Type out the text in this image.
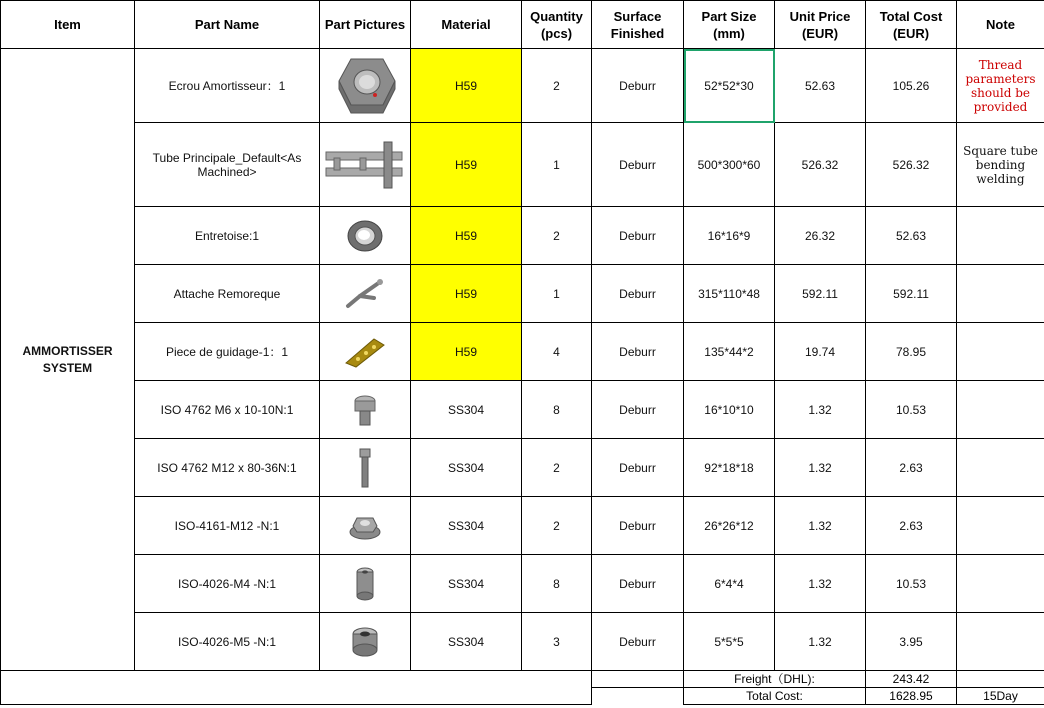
Item	Part Name	Part Pictures	Material	Quantity (pcs)	Surface Finished	Part Size (mm)	Unit Price (EUR)	Total Cost (EUR)	Note
AMMORTISSER SYSTEM	Ecrou Amortisseur：1		H59	2	Deburr	52*52*30	52.63	105.26	Thread parameters should be provided
	Tube Principale_Default<As Machined>		H59	1	Deburr	500*300*60	526.32	526.32	Square tube bending welding
	Entretoise:1		H59	2	Deburr	16*16*9	26.32	52.63	
	Attache Remoreque		H59	1	Deburr	315*110*48	592.11	592.11	
	Piece de guidage-1：1		H59	4	Deburr	135*44*2	19.74	78.95	
	ISO 4762 M6 x 10-10N:1		SS304	8	Deburr	16*10*10	1.32	10.53	
	ISO 4762 M12 x 80-36N:1		SS304	2	Deburr	92*18*18	1.32	2.63	
	ISO-4161-M12 -N:1		SS304	2	Deburr	26*26*12	1.32	2.63	
	ISO-4026-M4 -N:1		SS304	8	Deburr	6*4*4	1.32	10.53	
	ISO-4026-M5 -N:1		SS304	3	Deburr	5*5*5	1.32	3.95	
						Freight（DHL):		243.42	
						Total Cost:		1628.95	15Day
